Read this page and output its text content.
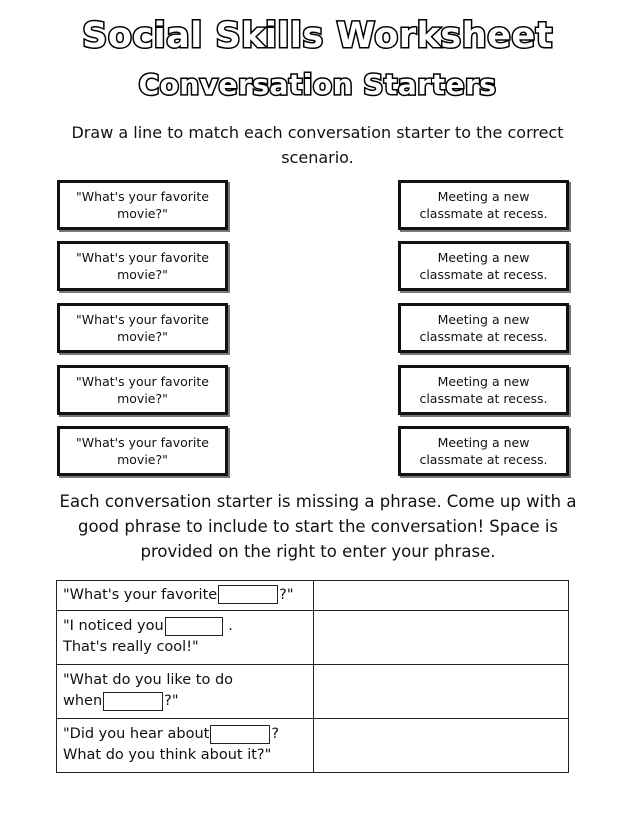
Social Skills Worksheet
Conversation Starters

Draw a line to match each conversation starter to the correct scenario.

"What's your favorite movie?"
"What's your favorite movie?"
"What's your favorite movie?"
"What's your favorite movie?"
"What's your favorite movie?"
Meeting a new classmate at recess.
Meeting a new classmate at recess.
Meeting a new classmate at recess.
Meeting a new classmate at recess.
Meeting a new classmate at recess.

Each conversation starter is missing a phrase. Come up with a good phrase to include to start the conversation! Space is provided on the right to enter your phrase.

"What's your favorite ?"	
"I noticed you .
That's really cool!"	
"What do you like to do
when ?"	
"Did you hear about ?
What do you think about it?"	
